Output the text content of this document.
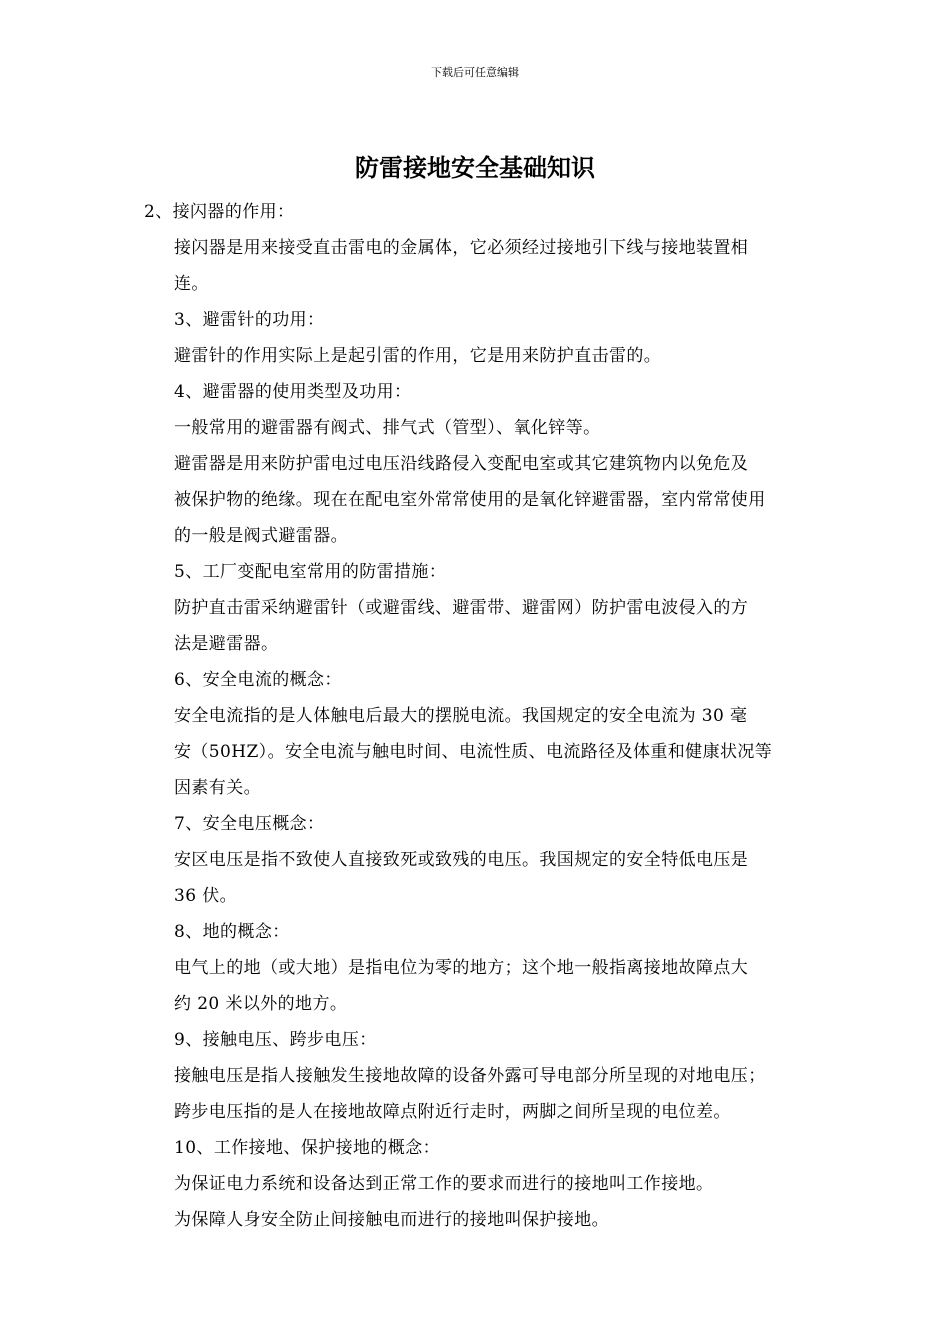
下载后可任意编辑
防雷接地安全基础知识
2、接闪器的作用：
接闪器是用来接受直击雷电的金属体，它必须经过接地引下线与接地装置相
连。
3、避雷针的功用：
避雷针的作用实际上是起引雷的作用，它是用来防护直击雷的。
4、避雷器的使用类型及功用：
一般常用的避雷器有阀式、排气式（管型）、氧化锌等。
避雷器是用来防护雷电过电压沿线路侵入变配电室或其它建筑物内以免危及
被保护物的绝缘。现在在配电室外常常使用的是氧化锌避雷器，室内常常使用
的一般是阀式避雷器。
5、工厂变配电室常用的防雷措施：
防护直击雷采纳避雷针（或避雷线、避雷带、避雷网）防护雷电波侵入的方
法是避雷器。
6、安全电流的概念：
安全电流指的是人体触电后最大的摆脱电流。我国规定的安全电流为 30 毫
安（50HZ）。安全电流与触电时间、电流性质、电流路径及体重和健康状况等
因素有关。
7、安全电压概念：
安区电压是指不致使人直接致死或致残的电压。我国规定的安全特低电压是
36 伏。
8、地的概念：
电气上的地（或大地）是指电位为零的地方；这个地一般指离接地故障点大
约 20 米以外的地方。
9、接触电压、跨步电压：
接触电压是指人接触发生接地故障的设备外露可导电部分所呈现的对地电压；
跨步电压指的是人在接地故障点附近行走时，两脚之间所呈现的电位差。
10、工作接地、保护接地的概念：
为保证电力系统和设备达到正常工作的要求而进行的接地叫工作接地。
为保障人身安全防止间接触电而进行的接地叫保护接地。
